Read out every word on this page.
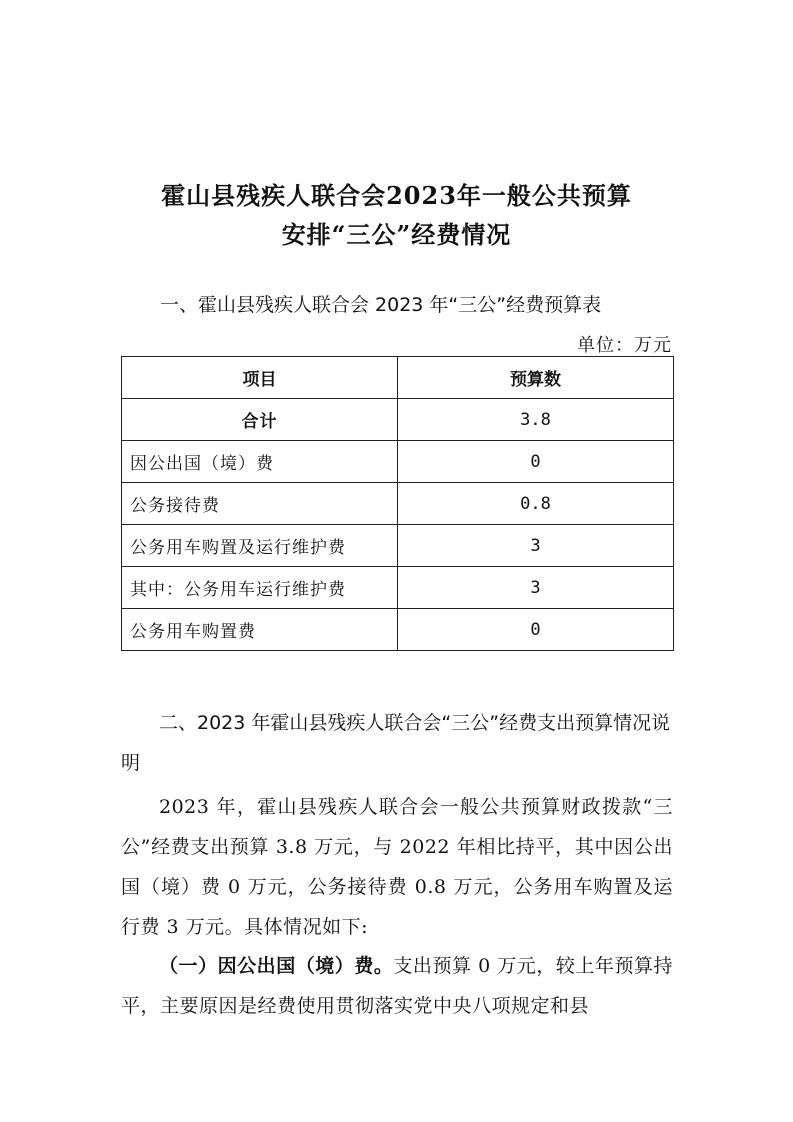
霍山县残疾人联合会2023年一般公共预算
安排“三公”经费情况
一、霍山县残疾人联合会 2023 年“三公”经费预算表
单位：万元
项目	预算数
合计	3.8
因公出国（境）费	0
公务接待费	0.8
公务用车购置及运行维护费	3
其中：公务用车运行维护费	3
公务用车购置费	0
二、2023 年霍山县残疾人联合会“三公”经费支出预算情况说明
2023 年，霍山县残疾人联合会一般公共预算财政拨款“三公”经费支出预算 3.8 万元，与 2022 年相比持平，其中因公出国（境）费 0 万元，公务接待费 0.8 万元，公务用车购置及运行费 3 万元。具体情况如下:
（一）因公出国（境）费。支出预算 0 万元，较上年预算持平，主要原因是经费使用贯彻落实党中央八项规定和县
